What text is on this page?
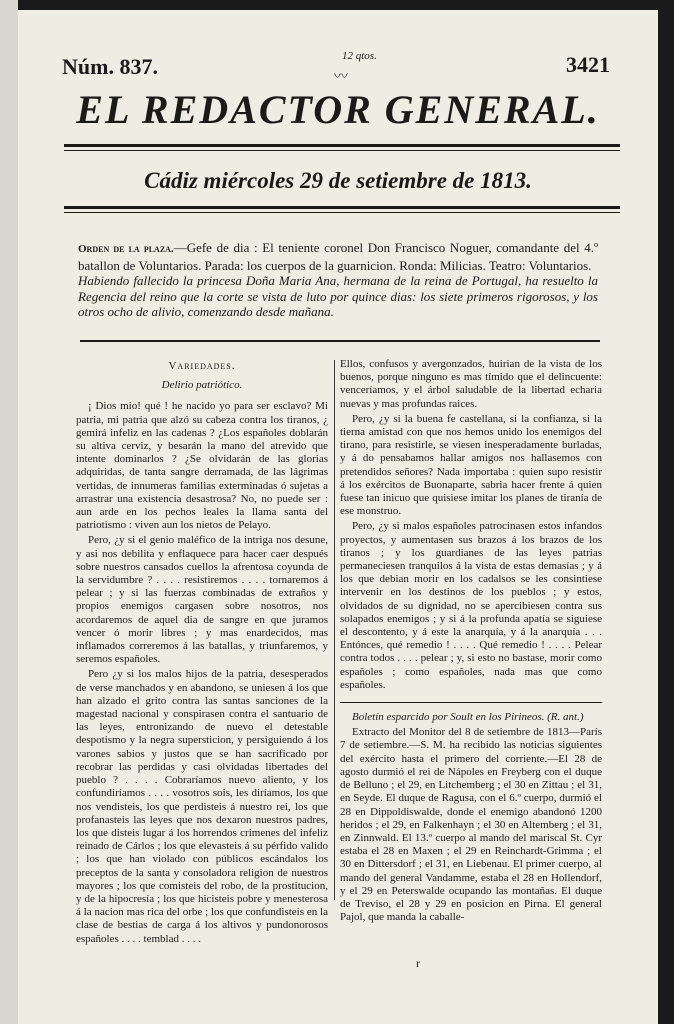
Núm. 837.	12 qtos.
〰
3421
EL REDACTOR GENERAL.
Cádiz miércoles 29 de setiembre de 1813.
Orden de la plaza.—Gefe de dia : El teniente coronel Don Francisco Noguer, comandante del 4.º batallon de Voluntarios. Parada: los cuerpos de la guarnicion. Ronda: Milicias. Teatro: Voluntarios.
Habiendo fallecido la princesa Doña Maria Ana, hermana de la reina de Portugal, ha resuelto la Regencia del reino que la corte se vista de luto por quince dias: los siete primeros rigorosos, y los otros ocho de alivio, comenzando desde mañana.
Variedades.
Delirio patriótico.

¡ Dios mio! qué ! he nacido yo para ser esclavo? Mi patria, mi patria que alzó su cabeza contra los tiranos, ¿ gemirá infeliz en las cadenas ? ¿Los españoles doblarán su altiva cerviz, y besarán la mano del atrevido que intente dominarlos ? ¿Se olvidarán de las glorias adquiridas, de tanta sangre derramada, de las lágrimas vertidas, de innumeras familias exterminadas ó sujetas a arrastrar una existencia desastrosa? No, no puede ser : aun arde en los pechos leales la llama santa del patriotismo : viven aun los nietos de Pelayo.

Pero, ¿y si el genio maléfico de la intriga nos desune, y asi nos debilita y enflaquece para hacer caer después sobre nuestros cansados cuellos la afrentosa coyunda de la servidumbre ? . . . . resistiremos . . . . tornaremos á pelear ; y si las fuerzas combinadas de extraños y propios enemigos cargasen sobre nosotros, nos acordaremos de aquel dia de sangre en que juramos vencer ó morir libres ; y mas enardecidos, mas inflamados correremos á las batallas, y triunfaremos, y seremos españoles.

Pero ¿y si los malos hijos de la patria, desesperados de verse manchados y en abandono, se uniesen á los que han alzado el grito contra las santas sanciones de la magestad nacional y conspirasen contra el santuario de las leyes, entronizando de nuevo el detestable despotismo y la negra supersticion, y persiguiendo á los varones sabios y justos que se han sacrificado por recobrar las perdidas y casi olvidadas libertades del pueblo ? . . . . Cobraríamos nuevo aliento, y los confundiríamos . . . . vosotros sois, les diríamos, los que nos vendisteis, los que perdisteis á nuestro rei, los que profanasteis las leyes que nos dexaron nuestros padres, los que disteis lugar á los horrendos crimenes del infeliz reinado de Cárlos ; los que elevasteis á su pérfido valido ; los que han violado con públicos escándalos los preceptos de la santa y consoladora religion de nuestros mayores ; los que comisteis del robo, de la prostitucion, y de la hipocresía ; los que hicisteis pobre y menesterosa á la nacion mas rica del orbe ; los que confundisteis en la clase de bestias de carga á los altivos y pundonorosos españoles . . . . temblad . . . .

Ellos, confusos y avergonzados, huirian de la vista de los buenos, porque ninguno es mas tímido que el delincuente: venceríamos, y el árbol saludable de la libertad echaria nuevas y mas profundas raices.

Pero, ¿y si la buena fe castellana, si la confianza, si la tierna amistad con que nos hemos unido los enemigos del tirano, para resistirle, se viesen inesperadamente burladas, y á do pensabamos hallar amigos nos hallasemos con pretendidos señores? Nada importaba : quien supo resistir á los exércitos de Buonaparte, sabria hacer frente á quien fuese tan inicuo que quisiese imitar los planes de tiranía de ese monstruo.

Pero, ¿y si malos españoles patrocinasen estos infandos proyectos, y aumentasen sus brazos á los brazos de los tiranos ; y los guardianes de las leyes patrias permaneciesen tranquilos á la vista de estas demasías ; y á los que debian morir en los cadalsos se les consintiese intervenir en los destinos de los pueblos ; y estos, olvidados de su dignidad, no se apercibiesen contra sus solapados enemigos ; y si á la profunda apatía se siguiese el descontento, y á este la anarquía, y á la anarquía . . . Entónces, qué remedio ! . . . . Qué remedio ! . . . . Pelear contra todos . . . . pelear ; y, si esto no bastase, morir como españoles ; como españoles, nada mas que como españoles.

Boletín esparcido por Soult en los Pirineos. (R. ant.)

Extracto del Monitor del 8 de setiembre de 1813—París 7 de setiembre.—S. M. ha recibido las noticias siguientes del exército hasta el primero del corriente.—El 28 de agosto durmió el rei de Nápoles en Freyberg con el duque de Belluno ; el 29, en Litchemberg ; el 30 en Zittau ; el 31, en Seyde. El duque de Ragusa, con el 6.º cuerpo, durmió el 28 en Dippoldiswalde, donde el enemigo abandonó 1200 heridos ; el 29, en Falkenhayn ; el 30 en Altemberg ; el 31, en Zinnwald. El 13.º cuerpo al mando del mariscal St. Cyr estaba el 28 en Maxen ; el 29 en Reinchardt-Grimma ; el 30 en Dittersdorf ; el 31, en Liebenau. El primer cuerpo, al mando del general Vandamme, estaba el 28 en Hollendorf, y el 29 en Peterswalde ocupando las montañas. El duque de Treviso, el 28 y 29 en posicion en Pirna. El general Pajol, que manda la caballe-

r
